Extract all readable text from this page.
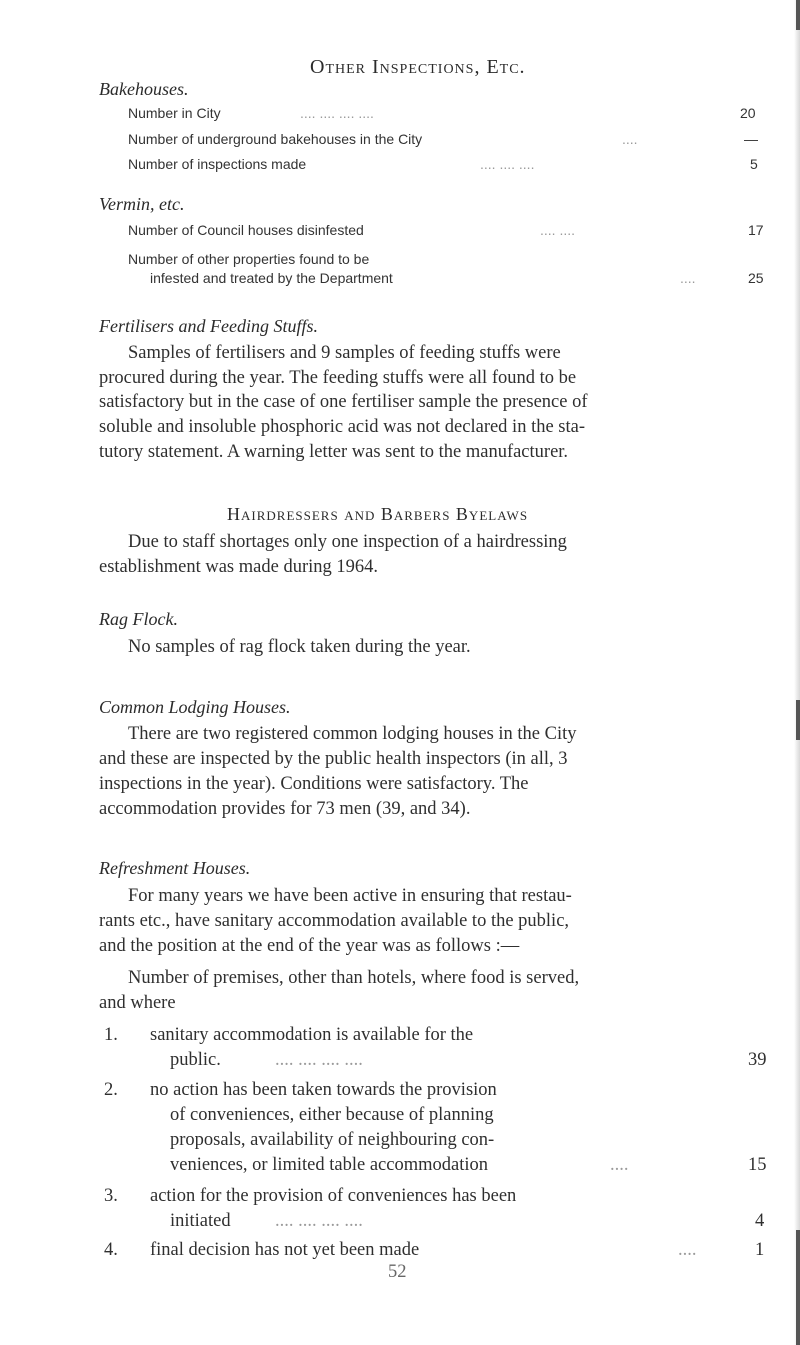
Other Inspections, Etc.
Bakehouses.
Number in City	.... .... .... ....	20
Number of underground bakehouses in the City	....	—
Number of inspections made	.... .... ....	5
Vermin, etc.
Number of Council houses disinfested	.... ....	17
Number of other properties found to be
infested and treated by the Department	....	25
Fertilisers and Feeding Stuffs.
Samples of fertilisers and 9 samples of feeding stuffs were
procured during the year. The feeding stuffs were all found to be
satisfactory but in the case of one fertiliser sample the presence of
soluble and insoluble phosphoric acid was not declared in the sta-
tutory statement. A warning letter was sent to the manufacturer.
Hairdressers and Barbers Byelaws
Due to staff shortages only one inspection of a hairdressing
establishment was made during 1964.
Rag Flock.
No samples of rag flock taken during the year.
Common Lodging Houses.
There are two registered common lodging houses in the City
and these are inspected by the public health inspectors (in all, 3
inspections in the year). Conditions were satisfactory. The
accommodation provides for 73 men (39, and 34).
Refreshment Houses.
For many years we have been active in ensuring that restau-
rants etc., have sanitary accommodation available to the public,
and the position at the end of the year was as follows :—
Number of premises, other than hotels, where food is served,
and where
1. sanitary accommodation is available for the
public.	.... .... .... ....	39
2. no action has been taken towards the provision
of conveniences, either because of planning
proposals, availability of neighbouring con-
veniences, or limited table accommodation	....	15
3. action for the provision of conveniences has been
initiated .... .... .... ....	4
4. final decision has not yet been made	....	1
52
